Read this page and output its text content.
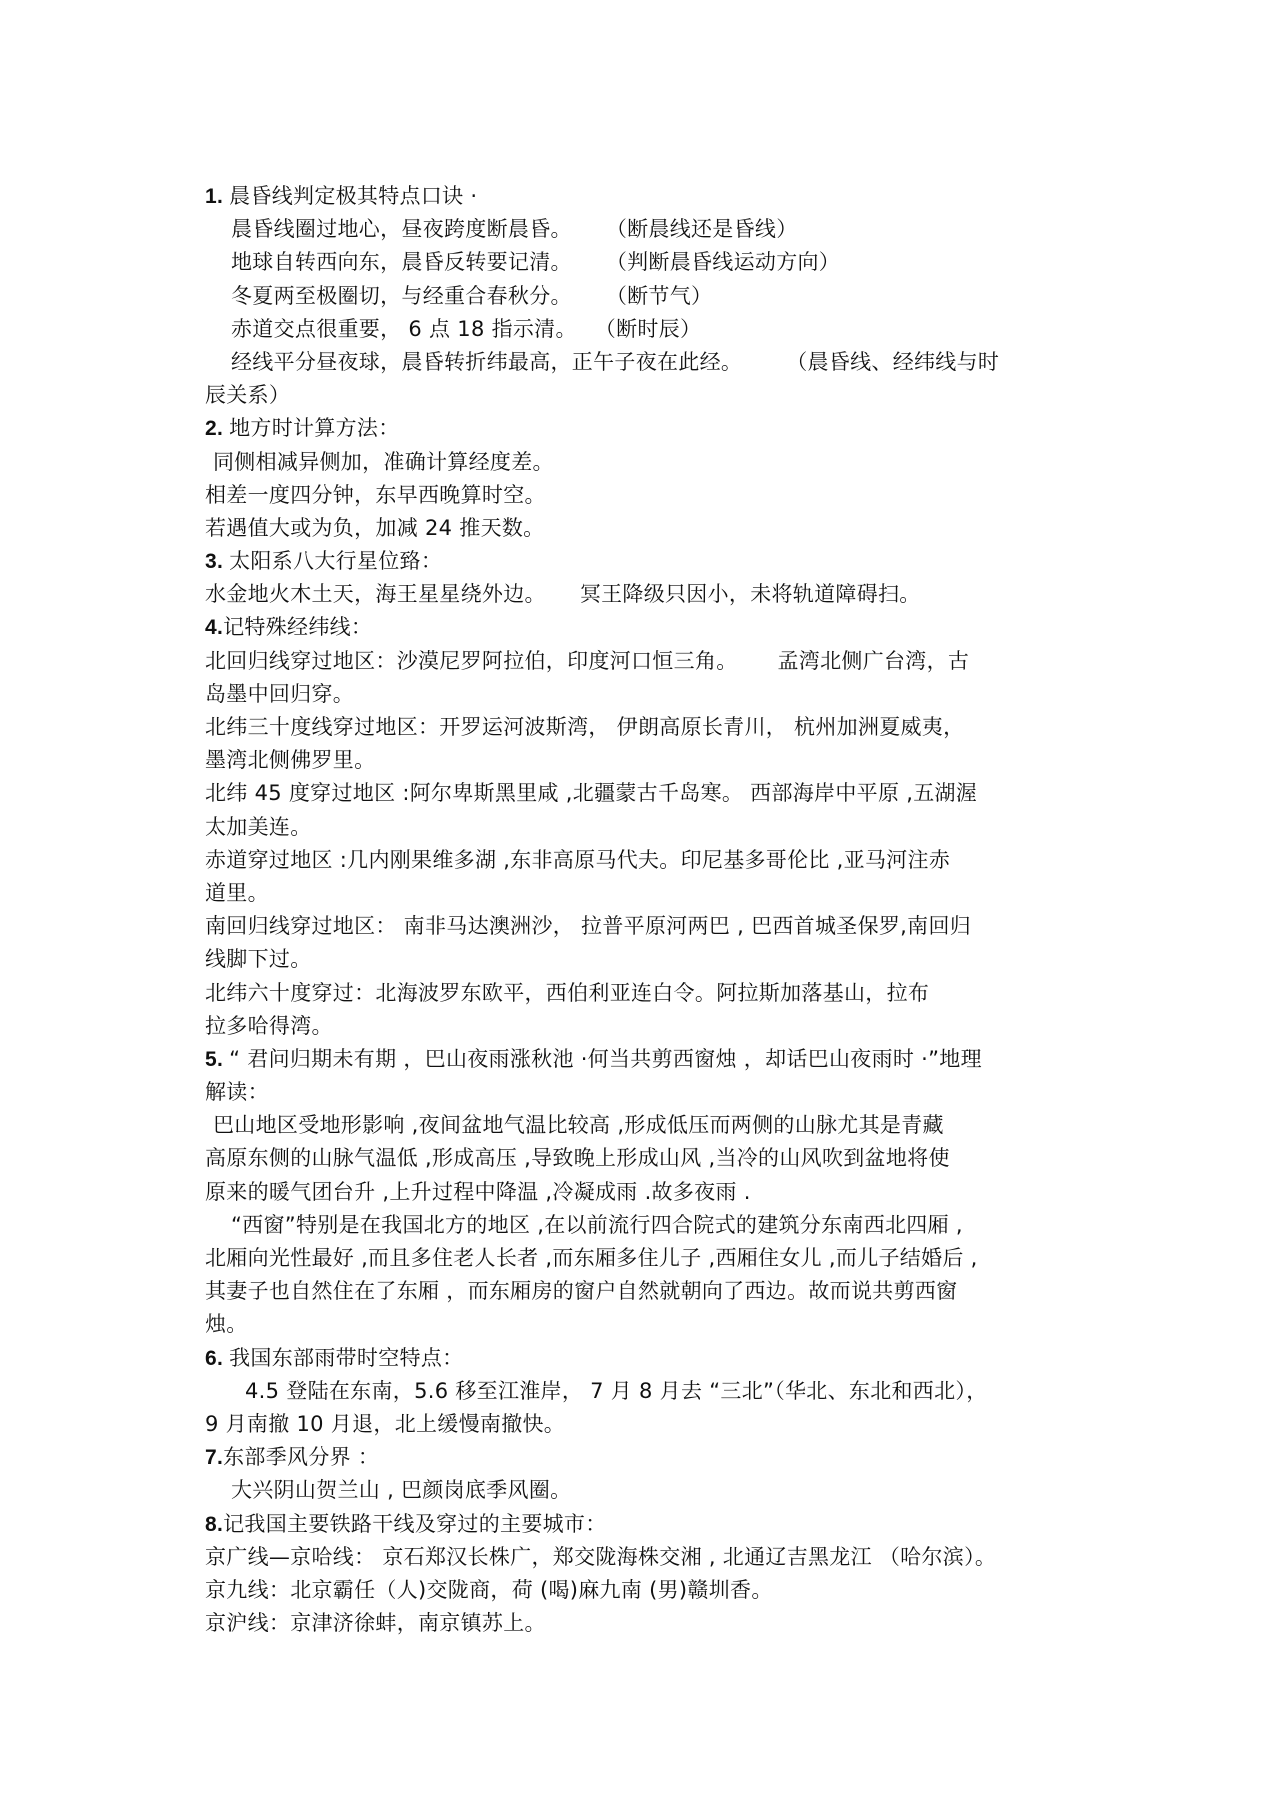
1. 晨昏线判定极其特点口诀 ·
晨昏线圈过地心，昼夜跨度断晨昏。 （断晨线还是昏线）
地球自转西向东，晨昏反转要记清。 （判断晨昏线运动方向）
冬夏两至极圈切，与经重合春秋分。 （断节气）
赤道交点很重要， 6 点 18 指示清。 （断时辰）
经线平分昼夜球，晨昏转折纬最高，正午子夜在此经。 （晨昏线、经纬线与时
辰关系）
2. 地方时计算方法：
同侧相减异侧加，准确计算经度差。
相差一度四分钟，东早西晚算时空。
若遇值大或为负，加减 24 推天数。
3. 太阳系八大行星位臵：
水金地火木土天，海王星星绕外边。 冥王降级只因小，未将轨道障碍扫。
4.记特殊经纬线：
北回归线穿过地区：沙漠尼罗阿拉伯，印度河口恒三角。 孟湾北侧广台湾，古
岛墨中回归穿。
北纬三十度线穿过地区：开罗运河波斯湾， 伊朗高原长青川， 杭州加洲夏威夷，
墨湾北侧佛罗里。
北纬 45 度穿过地区 :阿尔卑斯黑里咸 ,北疆蒙古千岛寒。 西部海岸中平原 ,五湖渥
太加美连。
赤道穿过地区 :几内刚果维多湖 ,东非高原马代夫。印尼基多哥伦比 ,亚马河注赤
道里。
南回归线穿过地区： 南非马达澳洲沙， 拉普平原河两巴 , 巴西首城圣保罗,南回归
线脚下过。
北纬六十度穿过：北海波罗东欧平，西伯利亚连白令。阿拉斯加落基山，拉布
拉多哈得湾。
5. “ 君问归期未有期 ，巴山夜雨涨秋池 ·何当共剪西窗烛 ，却话巴山夜雨时 ·”地理
解读：
巴山地区受地形影响 ,夜间盆地气温比较高 ,形成低压而两侧的山脉尤其是青藏
高原东侧的山脉气温低 ,形成高压 ,导致晚上形成山风 ,当冷的山风吹到盆地将使
原来的暖气团台升 ,上升过程中降温 ,冷凝成雨 .故多夜雨 .
“西窗”特别是在我国北方的地区 ,在以前流行四合院式的建筑分东南西北四厢 ,
北厢向光性最好 ,而且多住老人长者 ,而东厢多住儿子 ,西厢住女儿 ,而儿子结婚后 ,
其妻子也自然住在了东厢 ，而东厢房的窗户自然就朝向了西边。故而说共剪西窗
烛。
6. 我国东部雨带时空特点：
4.5 登陆在东南，5.6 移至江淮岸， 7 月 8 月去 “三北”（华北、东北和西北），
9 月南撤 10 月退，北上缓慢南撤快。
7.东部季风分界 ：
大兴阴山贺兰山 , 巴颜岗底季风圈。
8.记我国主要铁路干线及穿过的主要城市：
京广线—京哈线： 京石郑汉长株广，郑交陇海株交湘 , 北通辽吉黑龙江 （哈尔滨）。
京九线：北京霸任（人)交陇商，荷 (喝)麻九南 (男)赣圳香。
京沪线：京津济徐蚌，南京镇苏上。
